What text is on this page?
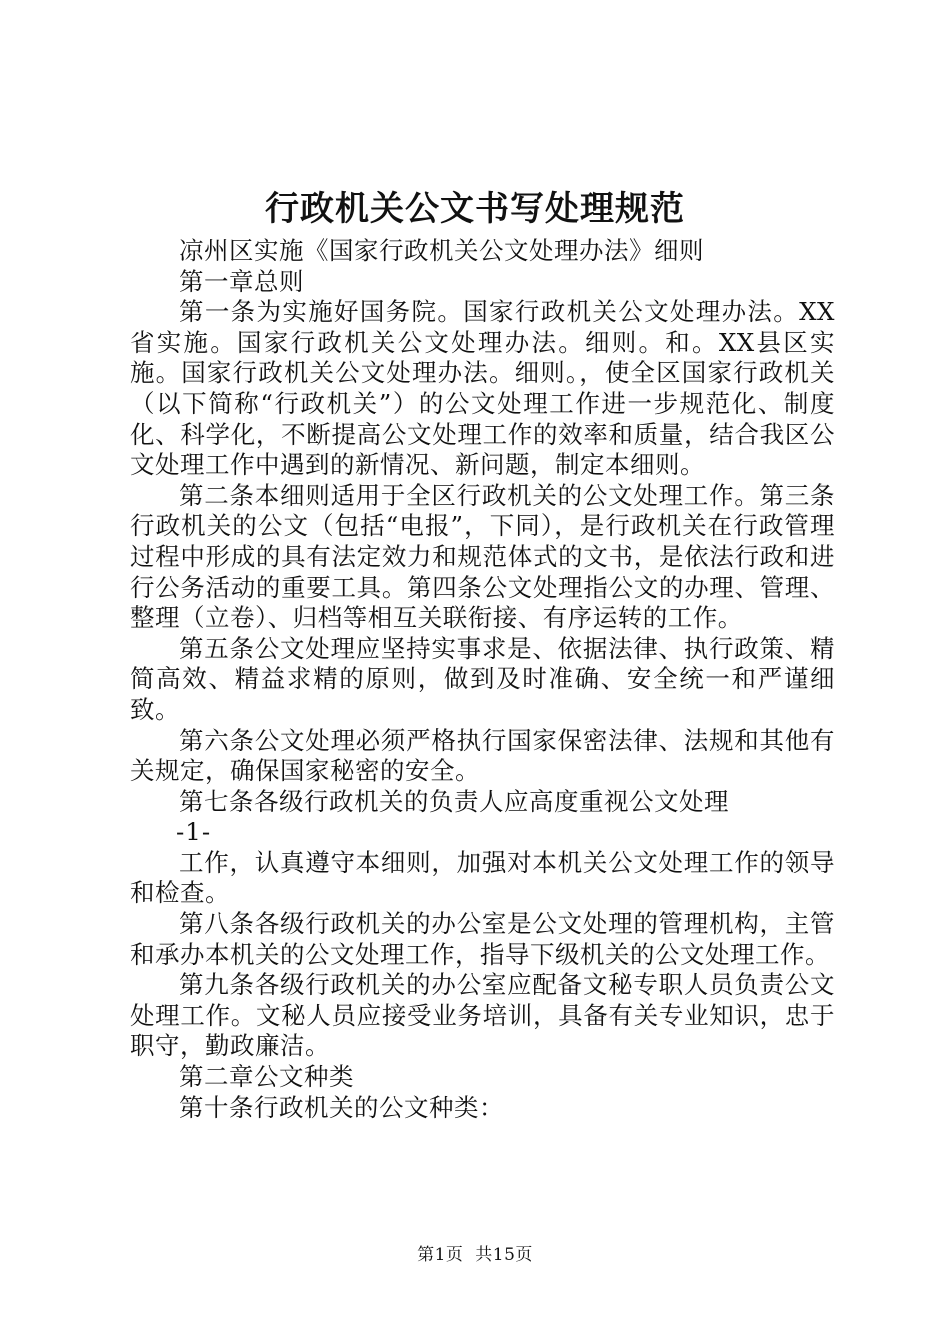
行政机关公文书写处理规范

凉州区实施《国家行政机关公文处理办法》细则

第一章总则

第一条为实施好国务院。国家行政机关公文处理办法。XX省实施。国家行政机关公文处理办法。细则。和。XX县区实施。国家行政机关公文处理办法。细则。，使全区国家行政机关（以下简称“行政机关”）的公文处理工作进一步规范化、制度化、科学化，不断提高公文处理工作的效率和质量，结合我区公文处理工作中遇到的新情况、新问题，制定本细则。

第二条本细则适用于全区行政机关的公文处理工作。第三条行政机关的公文（包括“电报”，下同），是行政机关在行政管理过程中形成的具有法定效力和规范体式的文书，是依法行政和进行公务活动的重要工具。第四条公文处理指公文的办理、管理、整理（立卷）、归档等相互关联衔接、有序运转的工作。

第五条公文处理应坚持实事求是、依据法律、执行政策、精简高效、精益求精的原则，做到及时准确、安全统一和严谨细致。

第六条公文处理必须严格执行国家保密法律、法规和其他有关规定，确保国家秘密的安全。

第七条各级行政机关的负责人应高度重视公文处理

-1-

工作，认真遵守本细则，加强对本机关公文处理工作的领导和检查。

第八条各级行政机关的办公室是公文处理的管理机构，主管和承办本机关的公文处理工作，指导下级机关的公文处理工作。

第九条各级行政机关的办公室应配备文秘专职人员负责公文处理工作。文秘人员应接受业务培训，具备有关专业知识，忠于职守，勤政廉洁。

第二章公文种类

第十条行政机关的公文种类：

第1页 共15页
